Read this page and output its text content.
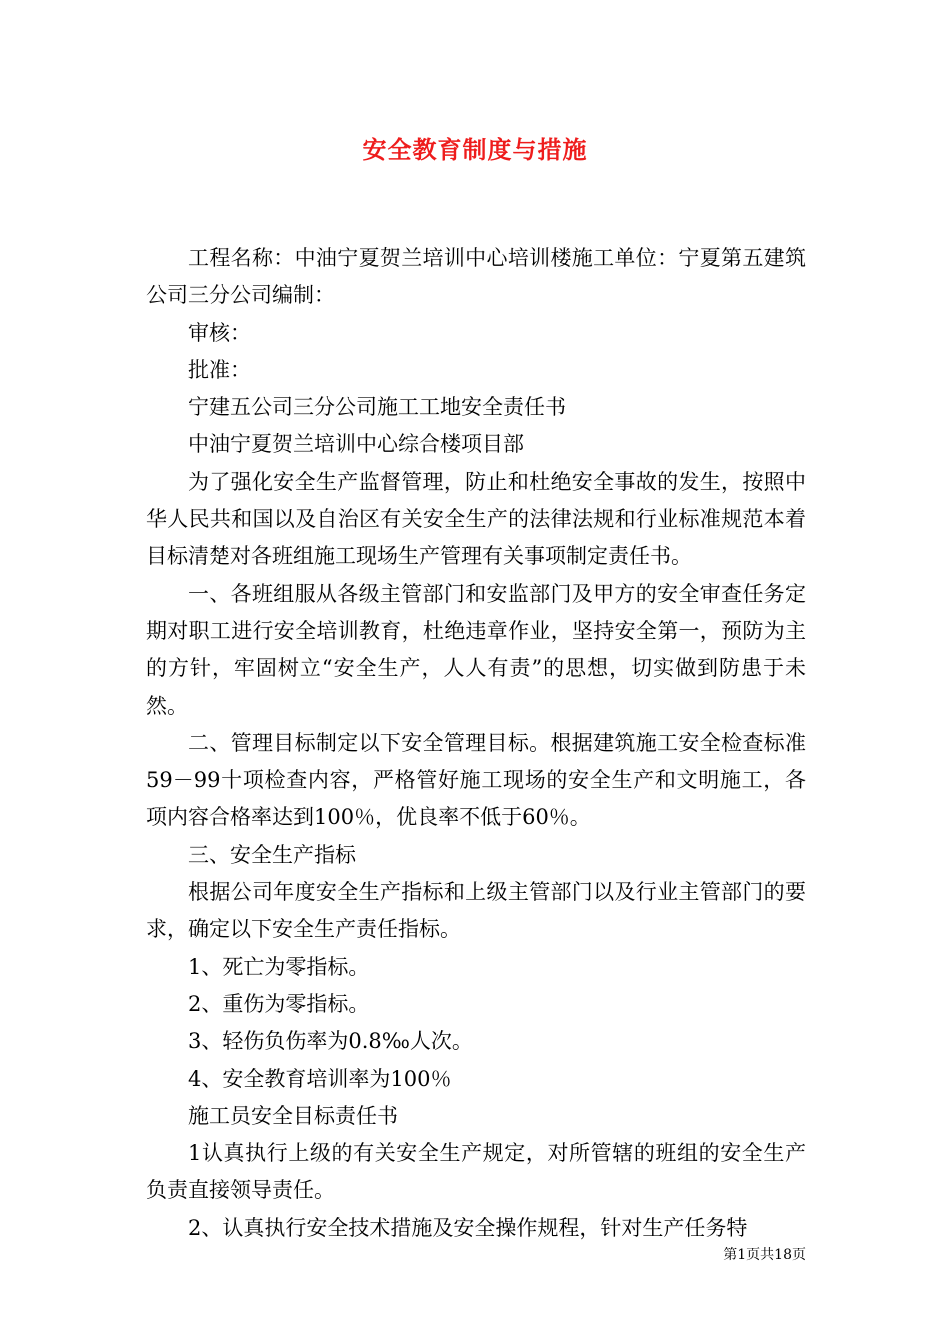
安全教育制度与措施

工程名称：中油宁夏贺兰培训中心培训楼施工单位：宁夏第五建筑公司三分公司编制：

审核：

批准：

宁建五公司三分公司施工工地安全责任书

中油宁夏贺兰培训中心综合楼项目部

为了强化安全生产监督管理，防止和杜绝安全事故的发生，按照中华人民共和国以及自治区有关安全生产的法律法规和行业标准规范本着目标清楚对各班组施工现场生产管理有关事项制定责任书。

一、各班组服从各级主管部门和安监部门及甲方的安全审查任务定期对职工进行安全培训教育，杜绝违章作业，坚持安全第一，预防为主的方针，牢固树立“安全生产，人人有责”的思想，切实做到防患于未然。

二、管理目标制定以下安全管理目标。根据建筑施工安全检查标准59－99十项检查内容，严格管好施工现场的安全生产和文明施工，各项内容合格率达到100％，优良率不低于60％。

三、安全生产指标

根据公司年度安全生产指标和上级主管部门以及行业主管部门的要求，确定以下安全生产责任指标。

1、死亡为零指标。

2、重伤为零指标。

3、轻伤负伤率为0.8‰人次。

4、安全教育培训率为100％

施工员安全目标责任书

1认真执行上级的有关安全生产规定，对所管辖的班组的安全生产负责直接领导责任。

2、认真执行安全技术措施及安全操作规程，针对生产任务特

第1页共18页
